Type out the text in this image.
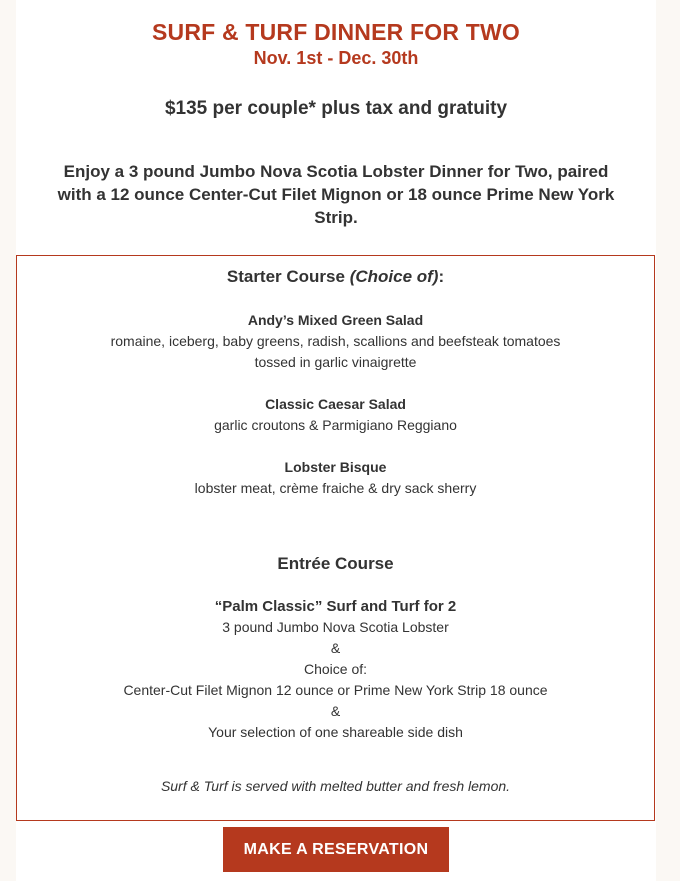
SURF & TURF DINNER FOR TWO
Nov. 1st - Dec. 30th
$135 per couple* plus tax and gratuity
Enjoy a 3 pound Jumbo Nova Scotia Lobster Dinner for Two, paired with a 12 ounce Center-Cut Filet Mignon or 18 ounce Prime New York Strip.
Starter Course (Choice of):
Andy’s Mixed Green Salad
romaine, iceberg, baby greens, radish, scallions and beefsteak tomatoes
tossed in garlic vinaigrette
Classic Caesar Salad
garlic croutons & Parmigiano Reggiano
Lobster Bisque
lobster meat, crème fraiche & dry sack sherry
Entrée Course
“Palm Classic” Surf and Turf for 2
3 pound Jumbo Nova Scotia Lobster
&
Choice of:
Center-Cut Filet Mignon 12 ounce or Prime New York Strip 18 ounce
&
Your selection of one shareable side dish
Surf & Turf is served with melted butter and fresh lemon.
MAKE A RESERVATION
